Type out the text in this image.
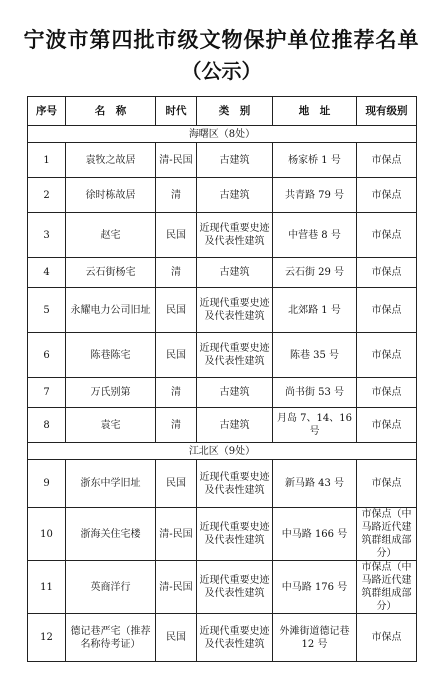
宁波市第四批市级文物保护单位推荐名单
（公示）
序号	名　称	时代	类　别	地　址	现有级别
海曙区（8处）					
1	袁牧之故居	清-民国	古建筑	杨家桥 1 号	市保点
2	徐时栋故居	清	古建筑	共青路 79 号	市保点
3	赵宅	民国	近现代重要史迹及代表性建筑	中营巷 8 号	市保点
4	云石街杨宅	清	古建筑	云石街 29 号	市保点
5	永耀电力公司旧址	民国	近现代重要史迹及代表性建筑	北郊路 1 号	市保点
6	陈巷陈宅	民国	近现代重要史迹及代表性建筑	陈巷 35 号	市保点
7	万氏别第	清	古建筑	尚书街 53 号	市保点
8	袁宅	清	古建筑	月岛 7、14、16 号	市保点
江北区（9处）					
9	浙东中学旧址	民国	近现代重要史迹及代表性建筑	新马路 43 号	市保点
10	浙海关住宅楼	清-民国	近现代重要史迹及代表性建筑	中马路 166 号	市保点（中马路近代建筑群组成部分）
11	英商洋行	清-民国	近现代重要史迹及代表性建筑	中马路 176 号	市保点（中马路近代建筑群组成部分）
12	德记巷严宅（推荐名称待考证）	民国	近现代重要史迹及代表性建筑	外滩街道德记巷 12 号	市保点
